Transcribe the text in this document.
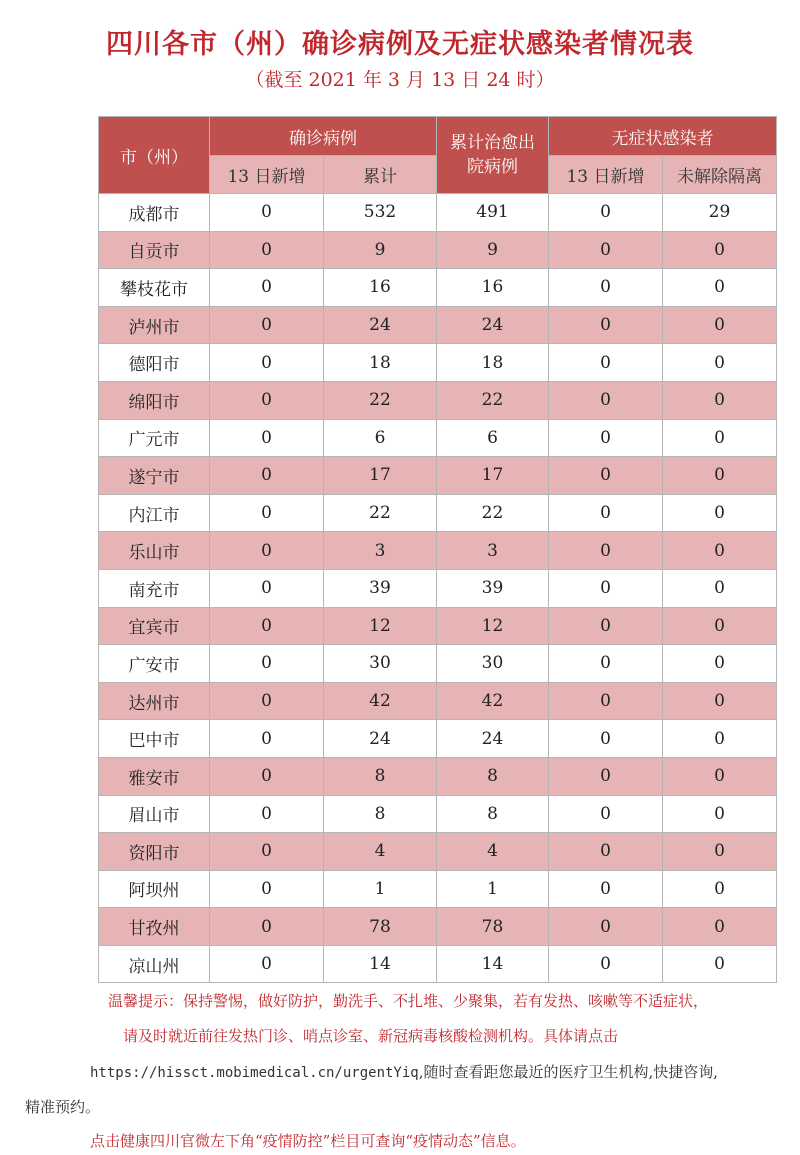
四川各市（州）确诊病例及无症状感染者情况表
（截至 2021 年 3 月 13 日 24 时）
市（州）	确诊病例		累计治愈出院病例	无症状感染者	
	13 日新增	累计		13 日新增	未解除隔离
成都市	0	532	491	0	29
自贡市	0	9	9	0	0
攀枝花市	0	16	16	0	0
泸州市	0	24	24	0	0
德阳市	0	18	18	0	0
绵阳市	0	22	22	0	0
广元市	0	6	6	0	0
遂宁市	0	17	17	0	0
内江市	0	22	22	0	0
乐山市	0	3	3	0	0
南充市	0	39	39	0	0
宜宾市	0	12	12	0	0
广安市	0	30	30	0	0
达州市	0	42	42	0	0
巴中市	0	24	24	0	0
雅安市	0	8	8	0	0
眉山市	0	8	8	0	0
资阳市	0	4	4	0	0
阿坝州	0	1	1	0	0
甘孜州	0	78	78	0	0
凉山州	0	14	14	0	0

温馨提示：保持警惕，做好防护，勤洗手、不扎堆、少聚集，若有发热、咳嗽等不适症状，

请及时就近前往发热门诊、哨点诊室、新冠病毒核酸检测机构。具体请点击

https://hissct.mobimedical.cn/urgentYiq,随时查看距您最近的医疗卫生机构,快捷咨询,

精准预约。

点击健康四川官微左下角“疫情防控”栏目可查询“疫情动态”信息。
